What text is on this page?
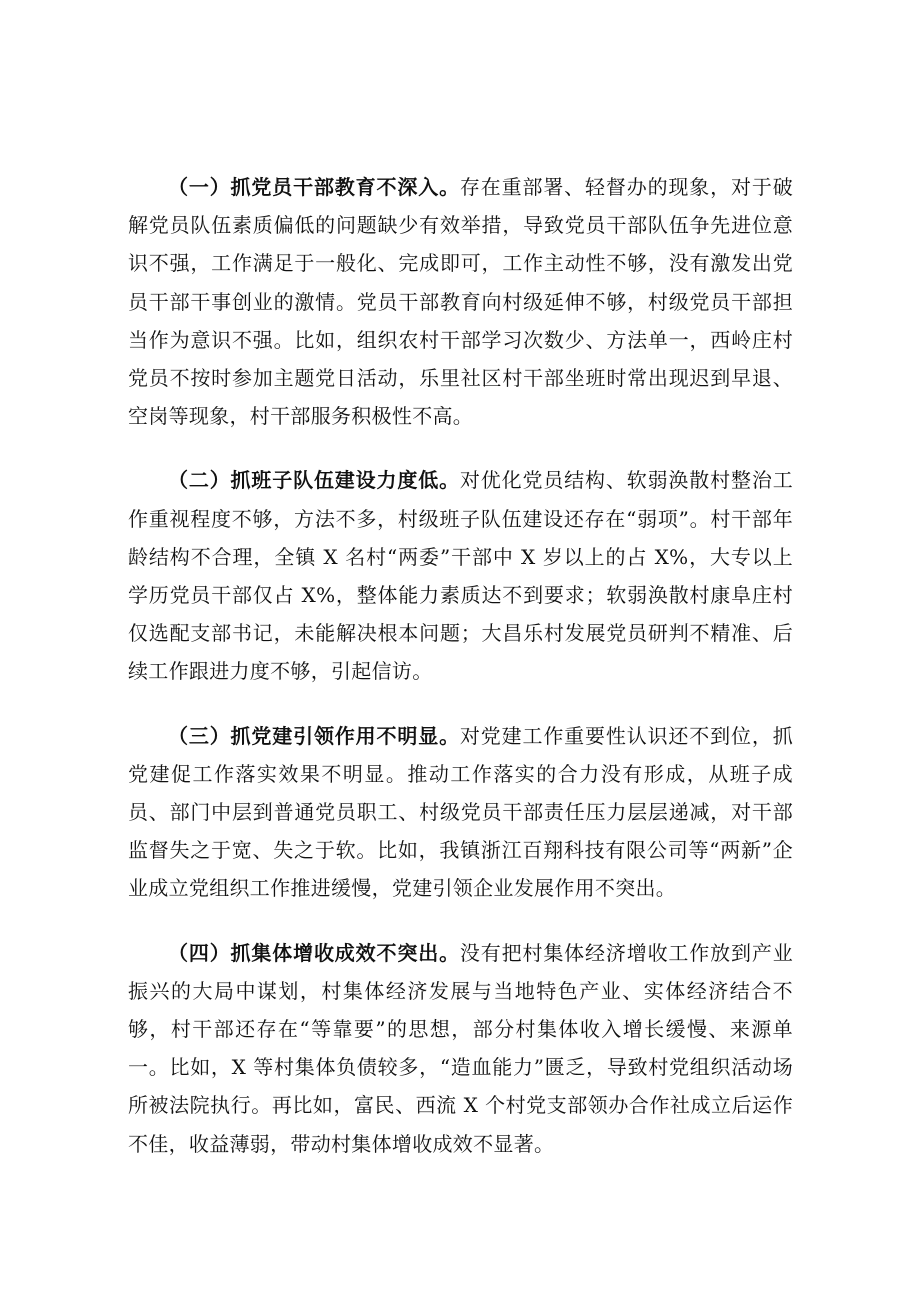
（一）抓党员干部教育不深入。存在重部署、轻督办的现象，对于破解党员队伍素质偏低的问题缺少有效举措，导致党员干部队伍争先进位意识不强，工作满足于一般化、完成即可，工作主动性不够，没有激发出党员干部干事创业的激情。党员干部教育向村级延伸不够，村级党员干部担当作为意识不强。比如，组织农村干部学习次数少、方法单一，西岭庄村党员不按时参加主题党日活动，乐里社区村干部坐班时常出现迟到早退、空岗等现象，村干部服务积极性不高。

（二）抓班子队伍建设力度低。对优化党员结构、软弱涣散村整治工作重视程度不够，方法不多，村级班子队伍建设还存在“弱项”。村干部年龄结构不合理，全镇 X 名村“两委”干部中 X 岁以上的占 X%，大专以上学历党员干部仅占 X%，整体能力素质达不到要求；软弱涣散村康阜庄村仅选配支部书记，未能解决根本问题；大昌乐村发展党员研判不精准、后续工作跟进力度不够，引起信访。

（三）抓党建引领作用不明显。对党建工作重要性认识还不到位，抓党建促工作落实效果不明显。推动工作落实的合力没有形成，从班子成员、部门中层到普通党员职工、村级党员干部责任压力层层递减，对干部监督失之于宽、失之于软。比如，我镇浙江百翔科技有限公司等“两新”企业成立党组织工作推进缓慢，党建引领企业发展作用不突出。

（四）抓集体增收成效不突出。没有把村集体经济增收工作放到产业振兴的大局中谋划，村集体经济发展与当地特色产业、实体经济结合不够，村干部还存在“等靠要”的思想，部分村集体收入增长缓慢、来源单一。比如，X 等村集体负债较多，“造血能力”匮乏，导致村党组织活动场所被法院执行。再比如，富民、西流 X 个村党支部领办合作社成立后运作不佳，收益薄弱，带动村集体增收成效不显著。
